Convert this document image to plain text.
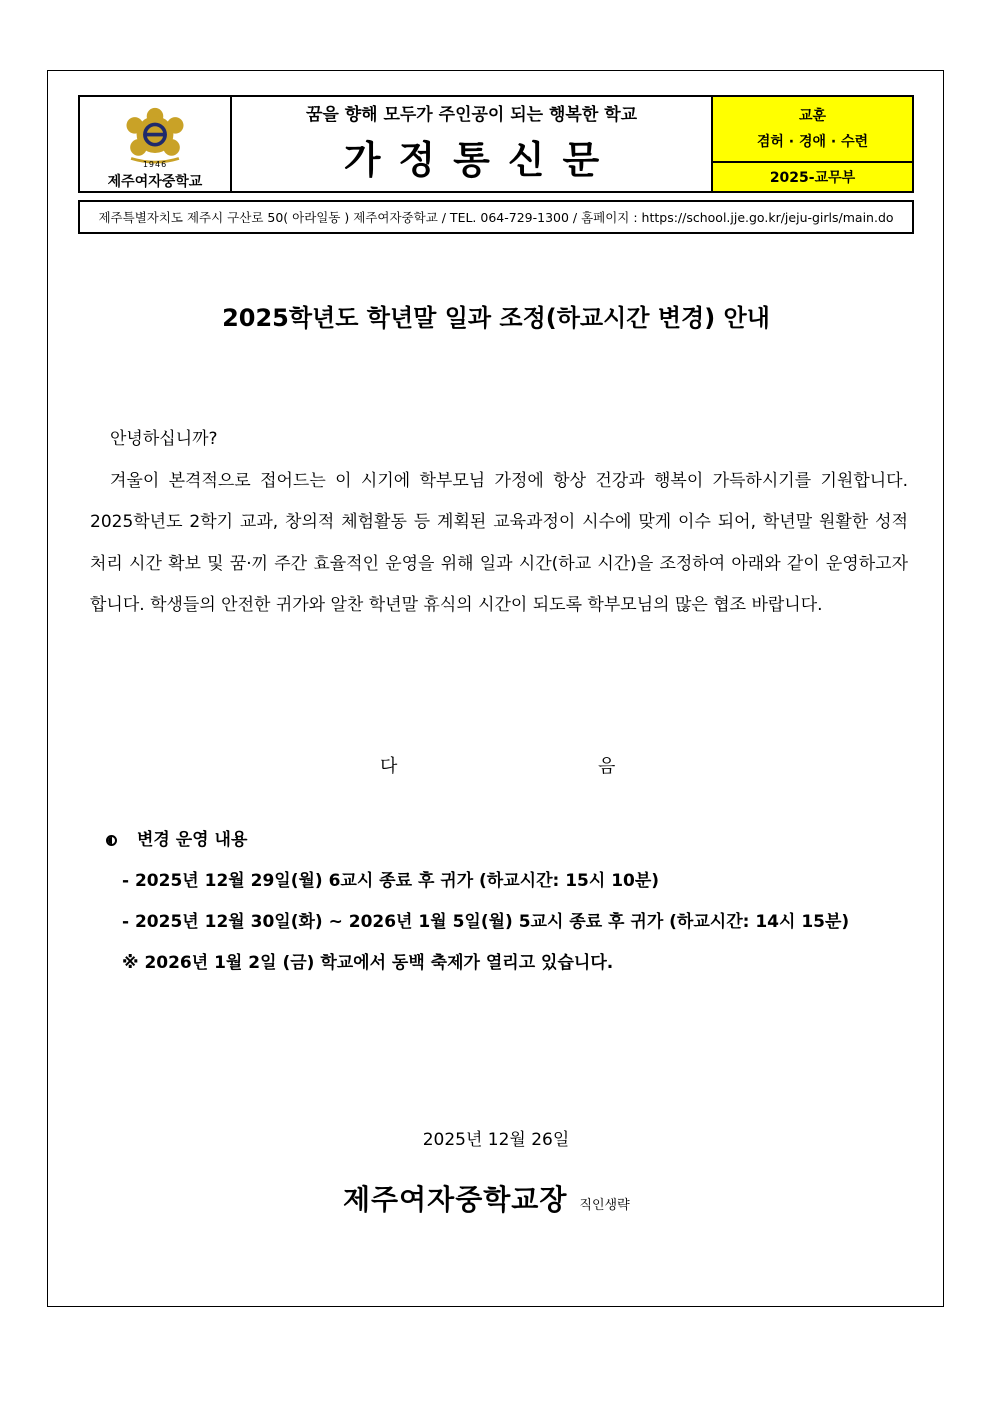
1946
제주여자중학교
꿈을 향해 모두가 주인공이 되는 행복한 학교
가정통신문
교훈
겸허 · 경애 · 수련
2025-교무부
제주특별자치도 제주시 구산로 50( 아라일동 ) 제주여자중학교 / TEL. 064-729-1300 / 홈페이지 : https://school.jje.go.kr/jeju-girls/main.do
2025학년도 학년말 일과 조정(하교시간 변경) 안내

안녕하십니까?

겨울이 본격적으로 접어드는 이 시기에 학부모님 가정에 항상 건강과 행복이 가득하시기를 기원합니다. 2025학년도 2학기 교과, 창의적 체험활동 등 계획된 교육과정이 시수에 맞게 이수 되어, 학년말 원활한 성적 처리 시간 확보 및 꿈·끼 주간 효율적인 운영을 위해 일과 시간(하교 시간)을 조정하여 아래와 같이 운영하고자 합니다. 학생들의 안전한 귀가와 알찬 학년말 휴식의 시간이 되도록 학부모님의 많은 협조 바랍니다.

다	음
변경 운영 내용
- 2025년 12월 29일(월) 6교시 종료 후 귀가 (하교시간: 15시 10분)
- 2025년 12월 30일(화) ~ 2026년 1월 5일(월) 5교시 종료 후 귀가 (하교시간: 14시 15분)
※ 2026년 1월 2일 (금) 학교에서 동백 축제가 열리고 있습니다.
2025년 12월 26일
제주여자중학교장 직인생략
